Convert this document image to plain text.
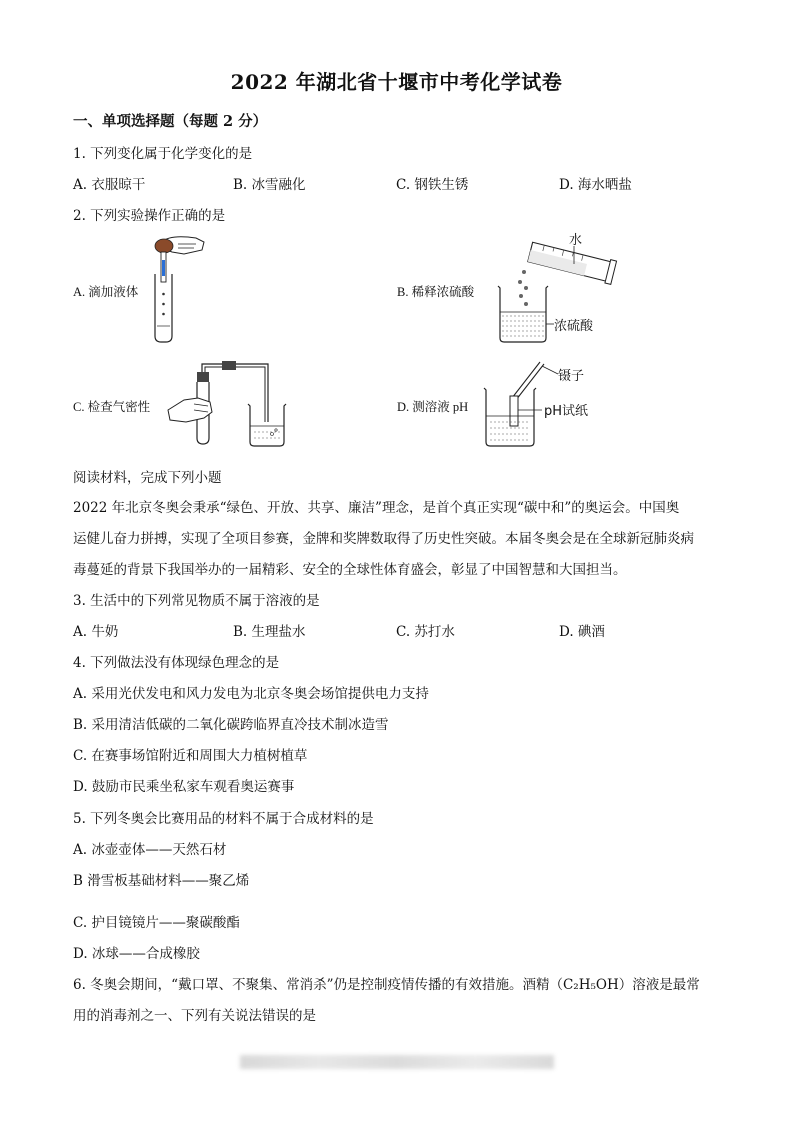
2022 年湖北省十堰市中考化学试卷
一、单项选择题（每题 2 分）
1. 下列变化属于化学变化的是
A. 衣服晾干	B. 冰雪融化	C. 钢铁生锈	D. 海水晒盐
2. 下列实验操作正确的是
A. 滴加液体	B. 稀释浓硫酸
水
浓硫酸
C. 检查气密性	D. 测溶液 pH
镊子
pH试纸
阅读材料，完成下列小题
2022 年北京冬奥会秉承“绿色、开放、共享、廉洁”理念，是首个真正实现“碳中和”的奥运会。中国奥
运健儿奋力拼搏，实现了全项目参赛，金牌和奖牌数取得了历史性突破。本届冬奥会是在全球新冠肺炎病
毒蔓延的背景下我国举办的一届精彩、安全的全球性体育盛会，彰显了中国智慧和大国担当。
3. 生活中的下列常见物质不属于溶液的是
A. 牛奶	B. 生理盐水	C. 苏打水	D. 碘酒
4. 下列做法没有体现绿色理念的是
A. 采用光伏发电和风力发电为北京冬奥会场馆提供电力支持
B. 采用清洁低碳的二氧化碳跨临界直冷技术制冰造雪
C. 在赛事场馆附近和周围大力植树植草
D. 鼓励市民乘坐私家车观看奥运赛事
5. 下列冬奥会比赛用品的材料不属于合成材料的是
A. 冰壶壶体——天然石材
B 滑雪板基础材料——聚乙烯
C. 护目镜镜片——聚碳酸酯
D. 冰球——合成橡胶
6. 冬奥会期间，“戴口罩、不聚集、常消杀”仍是控制疫情传播的有效措施。酒精（C₂H₅OH）溶液是最常
用的消毒剂之一、下列有关说法错误的是
